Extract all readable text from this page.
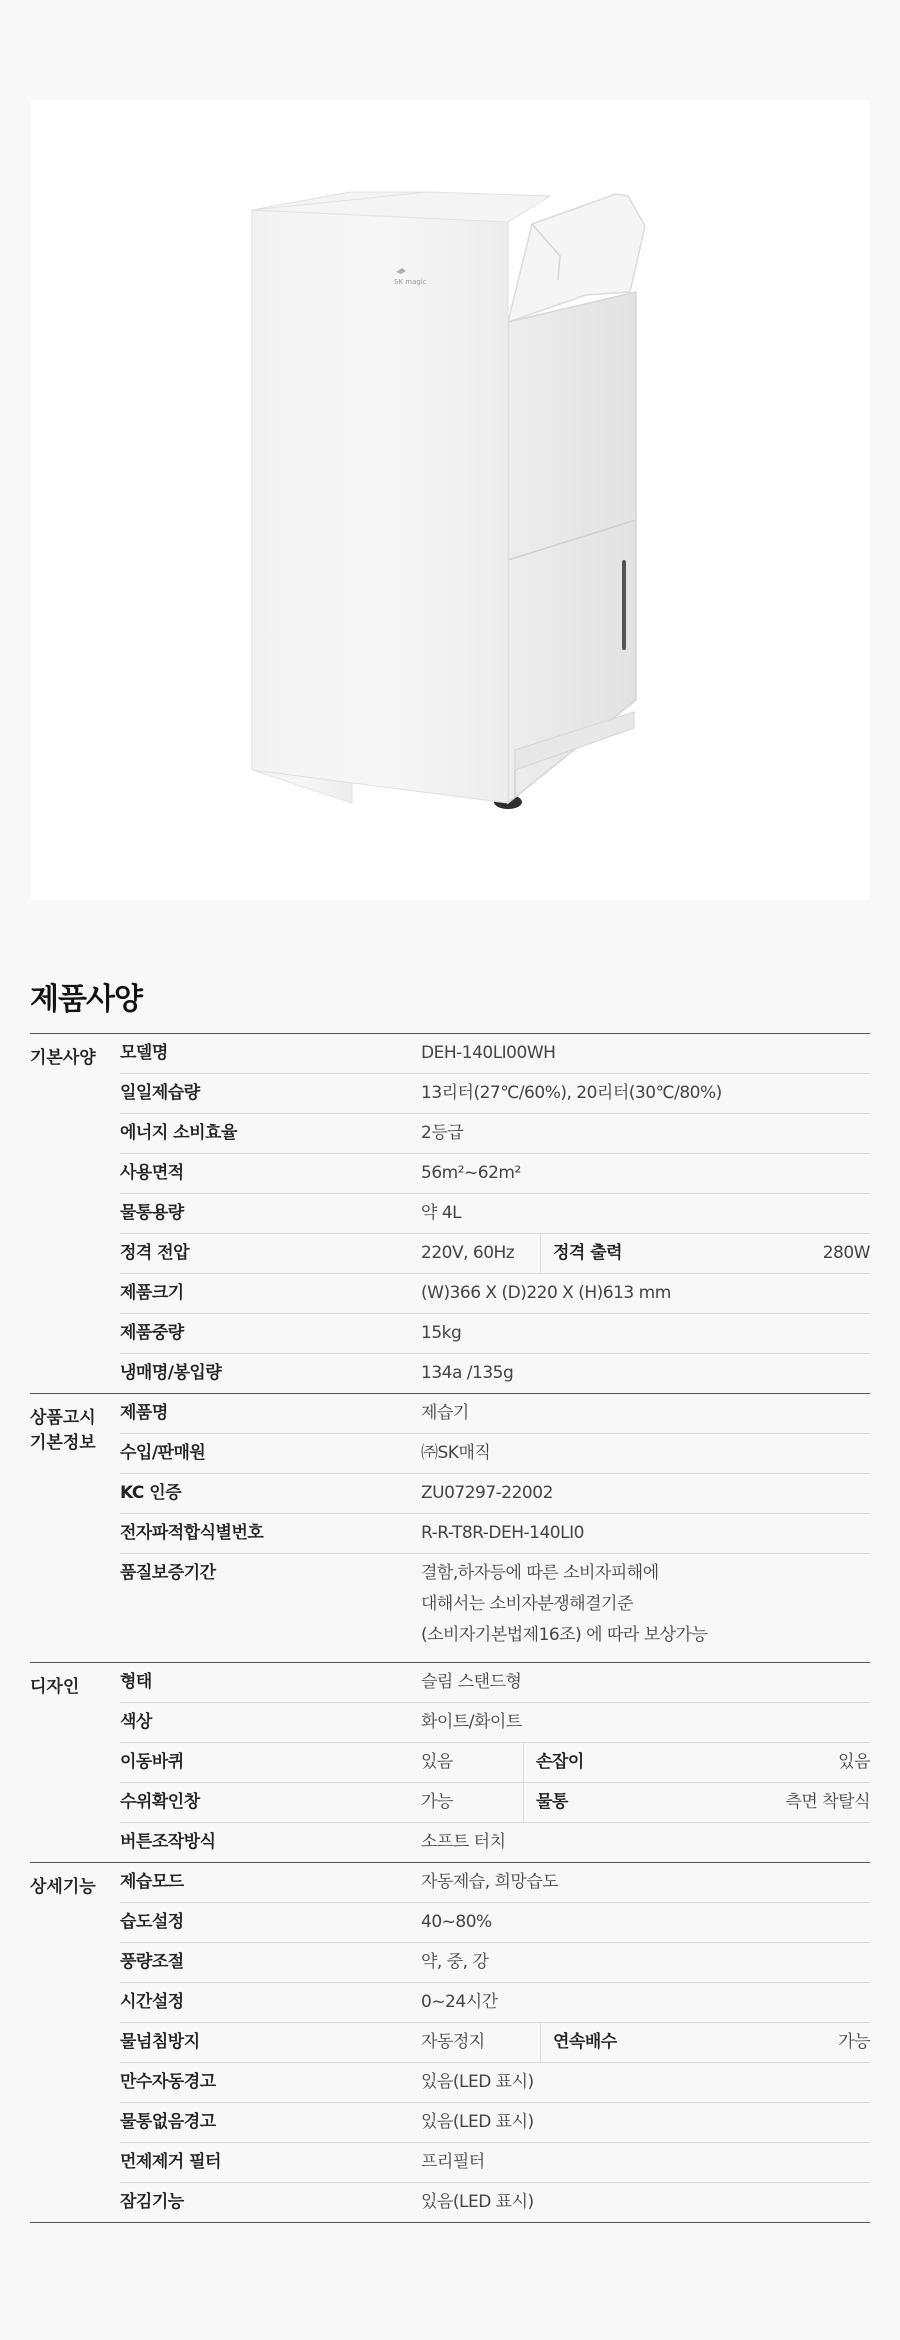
SK magic
제품사양
기본사양	모델명	DEH-140LI00WH
일일제습량	13리터(27℃/60%), 20리터(30℃/80%)
에너지 소비효율	2등급
사용면적	56m²~62m²
물통용량	약 4L
정격 전압	220V, 60Hz	정격 출력	280W
제품크기	(W)366 X (D)220 X (H)613 mm
제품중량	15kg
냉매명/봉입량	134a /135g
상품고시
기본정보
제품명	제습기
수입/판매원	㈜SK매직
KC 인증	ZU07297-22002
전자파적합식별번호	R-R-T8R-DEH-140LI0
품질보증기간	결함,하자등에 따른 소비자피해에
대해서는 소비자분쟁해결기준
(소비자기본법제16조) 에 따라 보상가능
디자인	형태	슬림 스탠드형
색상	화이트/화이트
이동바퀴	있음	손잡이	있음
수위확인창	가능	물통	측면 착탈식
버튼조작방식	소프트 터치
상세기능	제습모드	자동제습, 희망습도
습도설정	40~80%
풍량조절	약, 중, 강
시간설정	0~24시간
물넘침방지	자동정지	연속배수	가능
만수자동경고	있음(LED 표시)
물통없음경고	있음(LED 표시)
먼제제거 필터	프리필터
잠김기능	있음(LED 표시)
